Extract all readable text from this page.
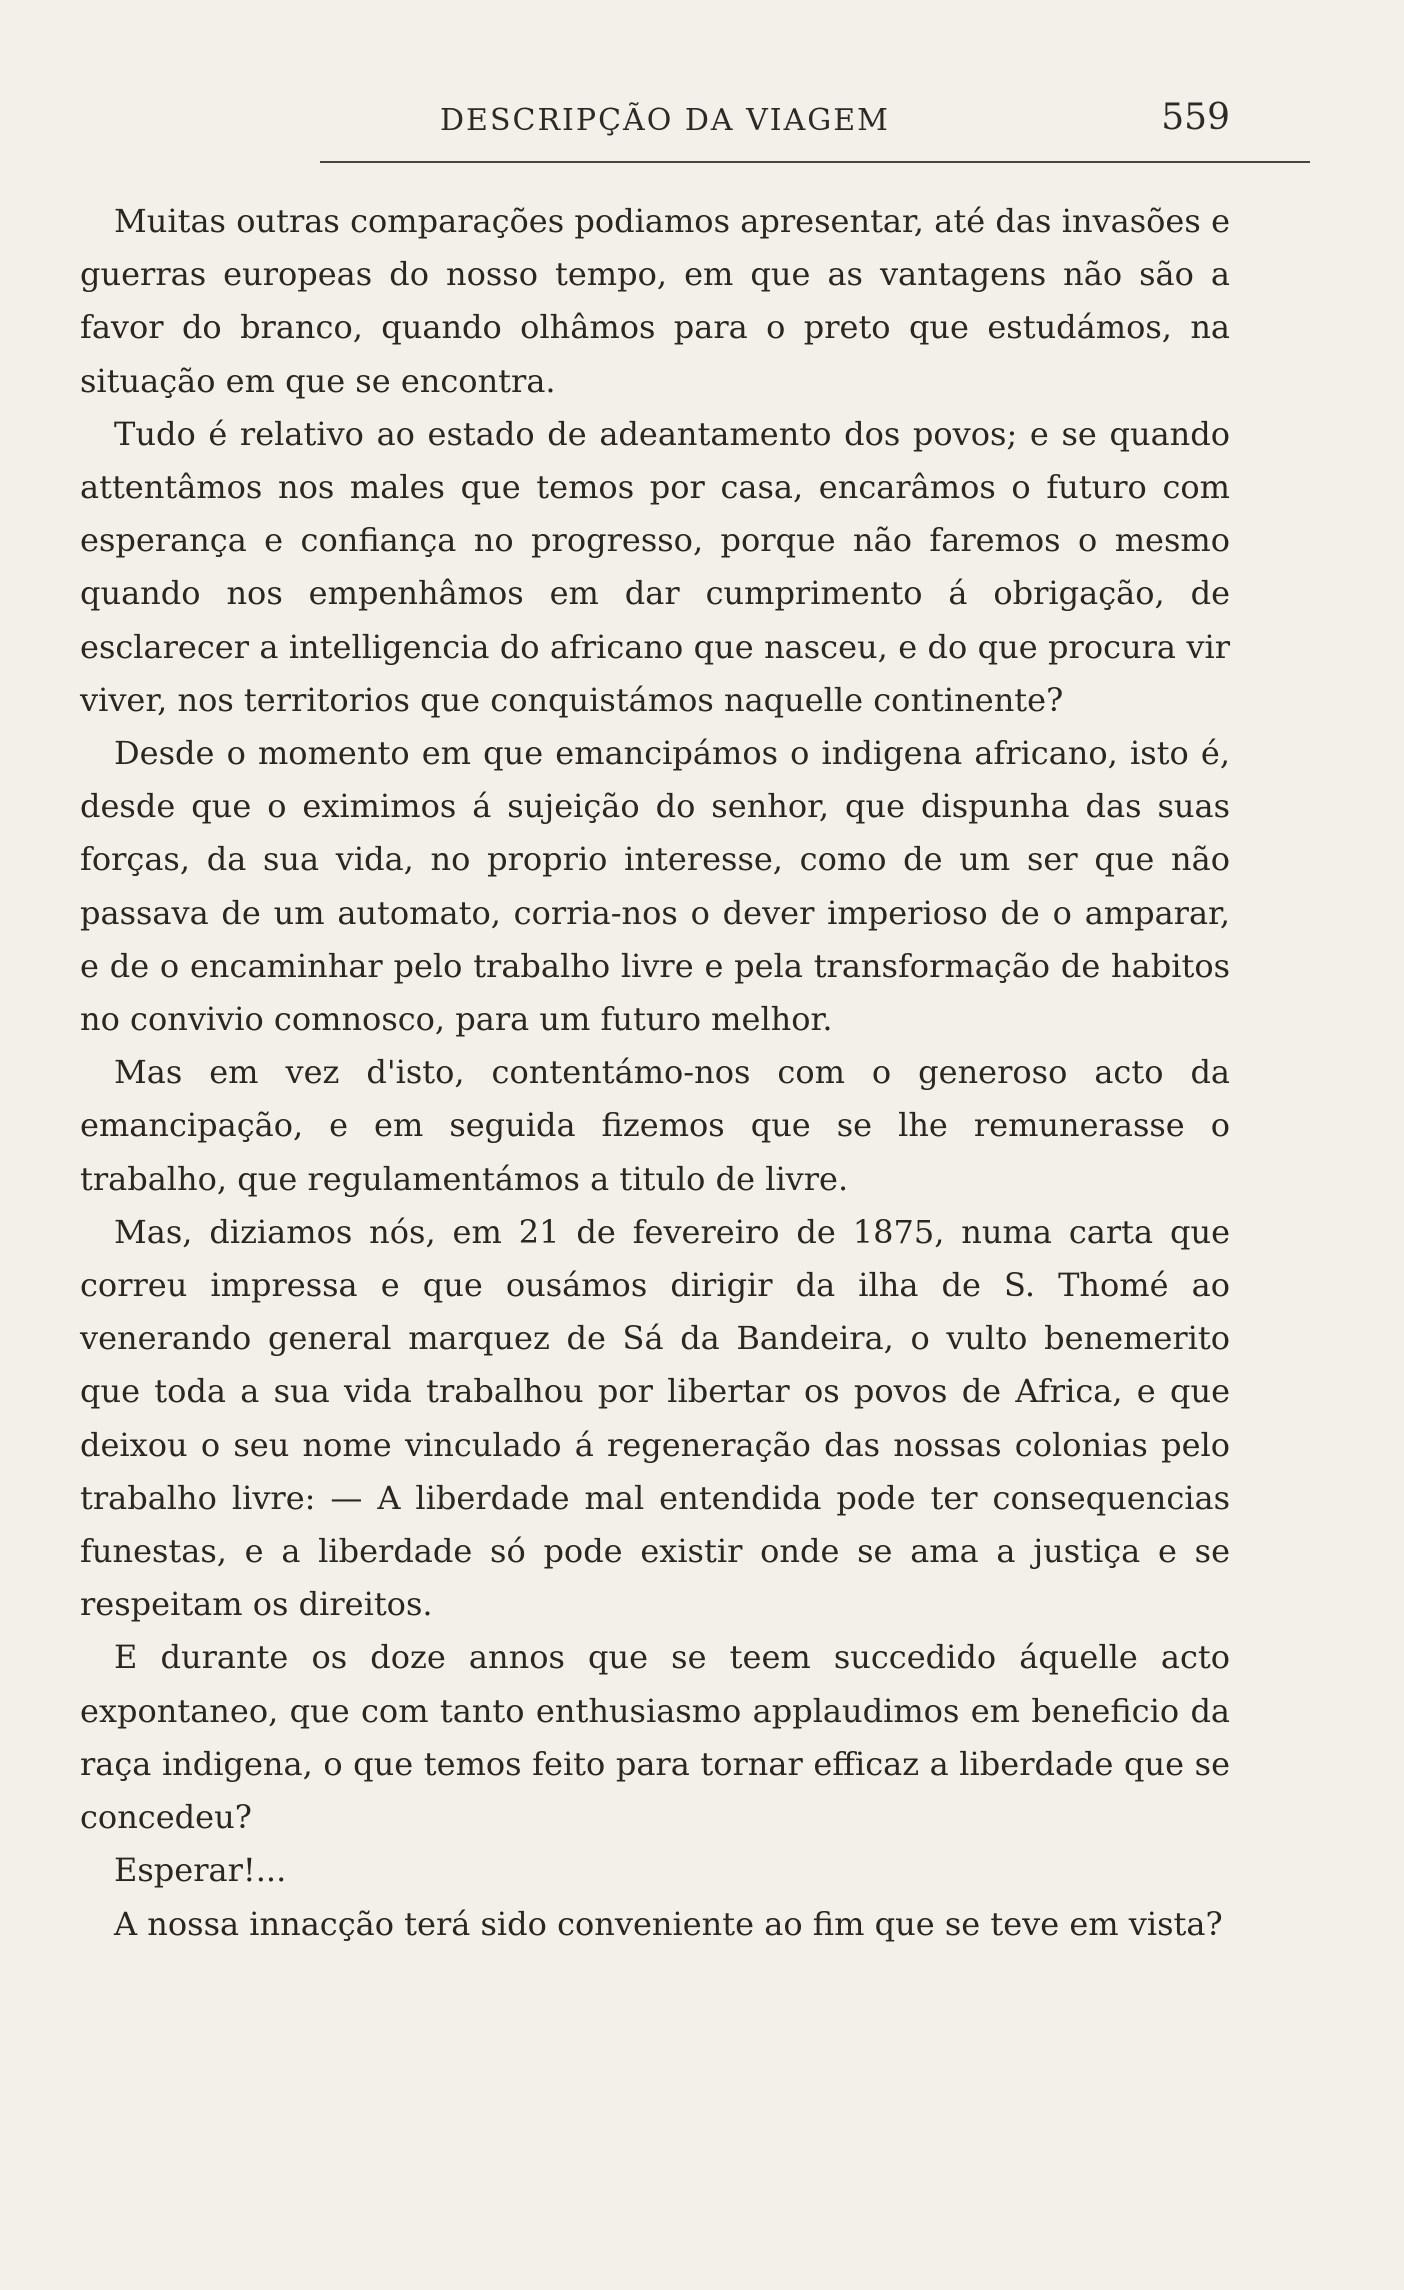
DESCRIPÇÃO DA VIAGEM	559

Muitas outras comparações podiamos apresentar, até das invasões e guerras europeas do nosso tempo, em que as vantagens não são a favor do branco, quando olhâmos para o preto que estudámos, na situação em que se encontra.

Tudo é relativo ao estado de adeantamento dos povos; e se quando attentâmos nos males que temos por casa, encarâmos o futuro com esperança e confiança no progresso, porque não faremos o mesmo quando nos empenhâmos em dar cumprimento á obrigação, de esclarecer a intelligencia do africano que nasceu, e do que procura vir viver, nos territorios que conquistámos naquelle continente?

Desde o momento em que emancipámos o indigena africano, isto é, desde que o eximimos á sujeição do senhor, que dispunha das suas forças, da sua vida, no proprio interesse, como de um ser que não passava de um automato, corria-nos o dever imperioso de o amparar, e de o encaminhar pelo trabalho livre e pela transformação de habitos no convivio comnosco, para um futuro melhor.

Mas em vez d'isto, contentámo-nos com o generoso acto da emancipação, e em seguida fizemos que se lhe remunerasse o trabalho, que regulamentámos a titulo de livre.

Mas, diziamos nós, em 21 de fevereiro de 1875, numa carta que correu impressa e que ousámos dirigir da ilha de S. Thomé ao venerando general marquez de Sá da Bandeira, o vulto benemerito que toda a sua vida trabalhou por libertar os povos de Africa, e que deixou o seu nome vinculado á regeneração das nossas colonias pelo trabalho livre: — A liberdade mal entendida pode ter consequencias funestas, e a liberdade só pode existir onde se ama a justiça e se respeitam os direitos.

E durante os doze annos que se teem succedido áquelle acto expontaneo, que com tanto enthusiasmo applaudimos em beneficio da raça indigena, o que temos feito para tornar efficaz a liberdade que se concedeu?

Esperar!...

A nossa innacção terá sido conveniente ao fim que se teve em vista?
